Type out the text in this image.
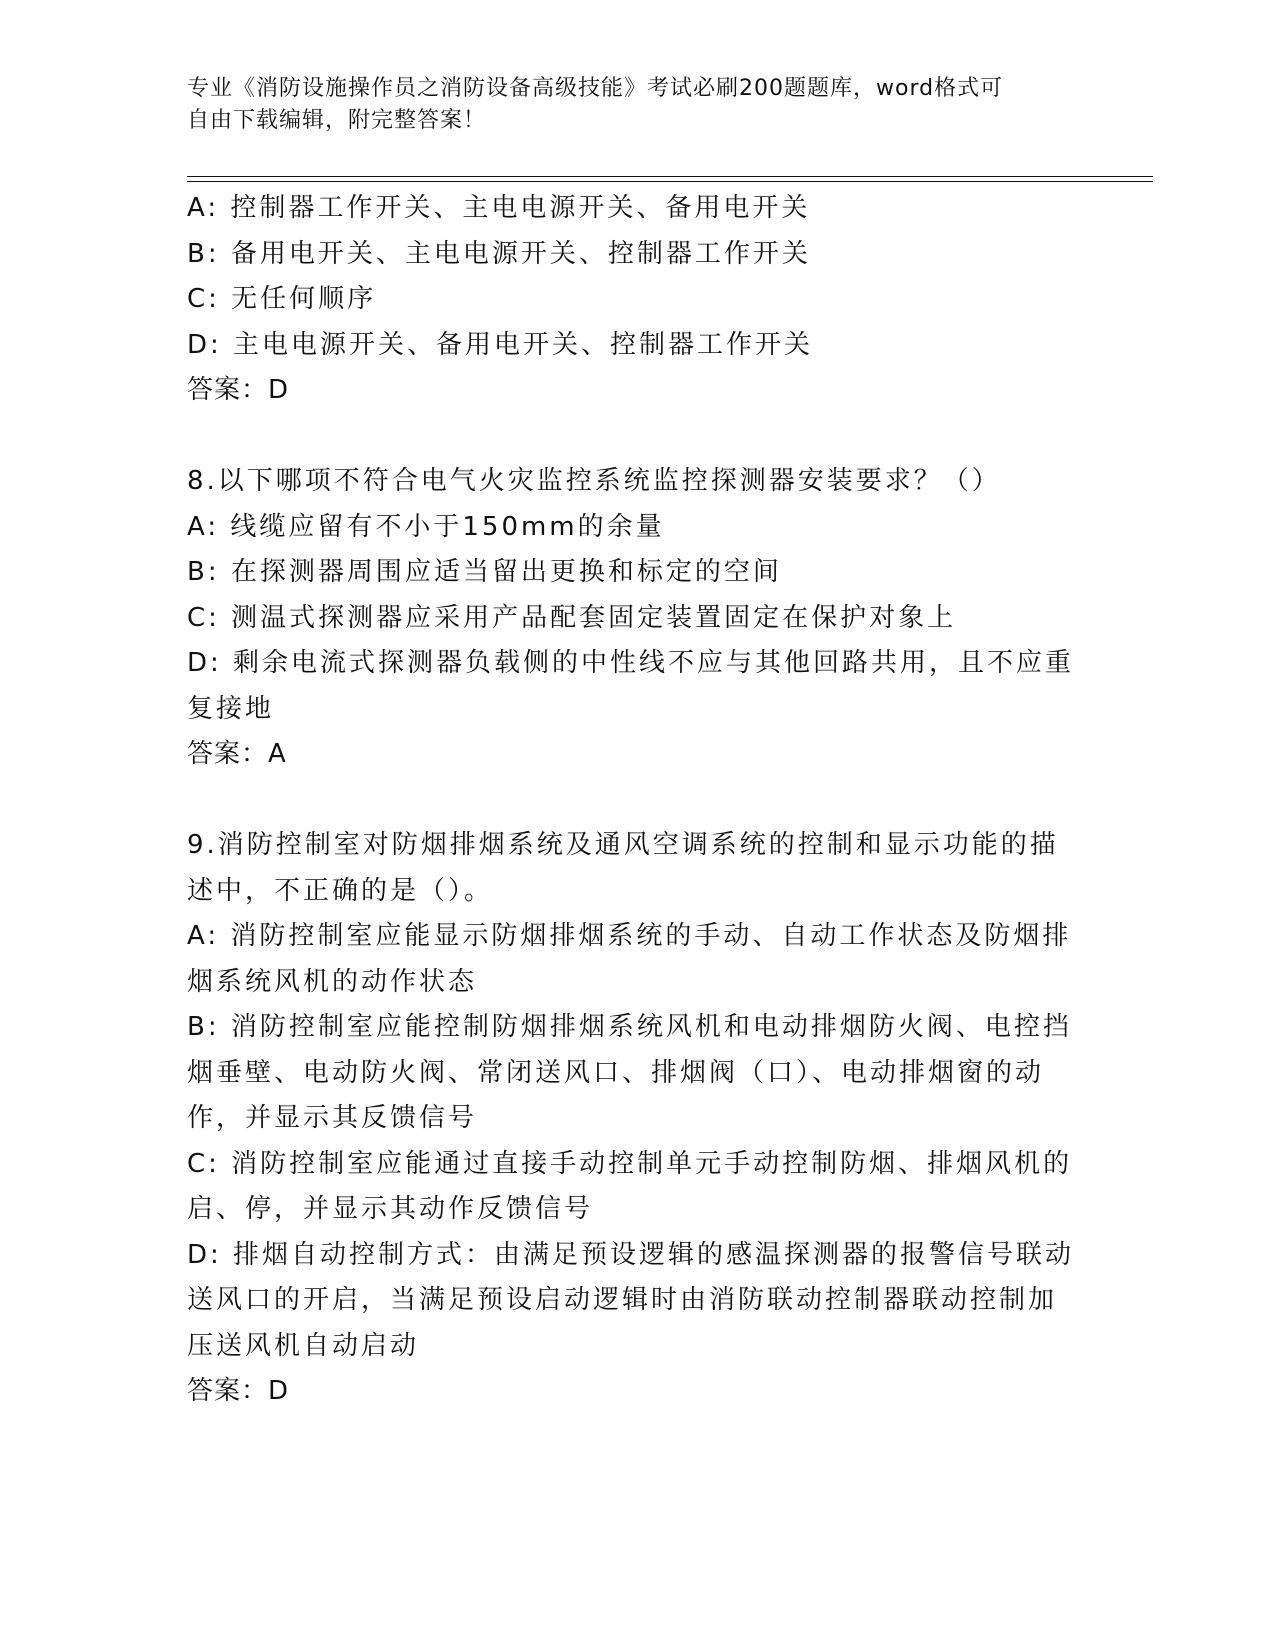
专业《消防设施操作员之消防设备高级技能》考试必刷200题题库，word格式可
自由下载编辑，附完整答案！
A: 控制器工作开关、主电电源开关、备用电开关
B: 备用电开关、主电电源开关、控制器工作开关
C: 无任何顺序
D: 主电电源开关、备用电开关、控制器工作开关
答案：D
8.以下哪项不符合电气火灾监控系统监控探测器安装要求？（）
A: 线缆应留有不小于150mm的余量
B: 在探测器周围应适当留出更换和标定的空间
C: 测温式探测器应采用产品配套固定装置固定在保护对象上
D: 剩余电流式探测器负载侧的中性线不应与其他回路共用，且不应重
复接地
答案：A
9.消防控制室对防烟排烟系统及通风空调系统的控制和显示功能的描
述中，不正确的是（）。
A: 消防控制室应能显示防烟排烟系统的手动、自动工作状态及防烟排
烟系统风机的动作状态
B: 消防控制室应能控制防烟排烟系统风机和电动排烟防火阀、电控挡
烟垂壁、电动防火阀、常闭送风口、排烟阀（口）、电动排烟窗的动
作，并显示其反馈信号
C: 消防控制室应能通过直接手动控制单元手动控制防烟、排烟风机的
启、停，并显示其动作反馈信号
D: 排烟自动控制方式：由满足预设逻辑的感温探测器的报警信号联动
送风口的开启，当满足预设启动逻辑时由消防联动控制器联动控制加
压送风机自动启动
答案：D
